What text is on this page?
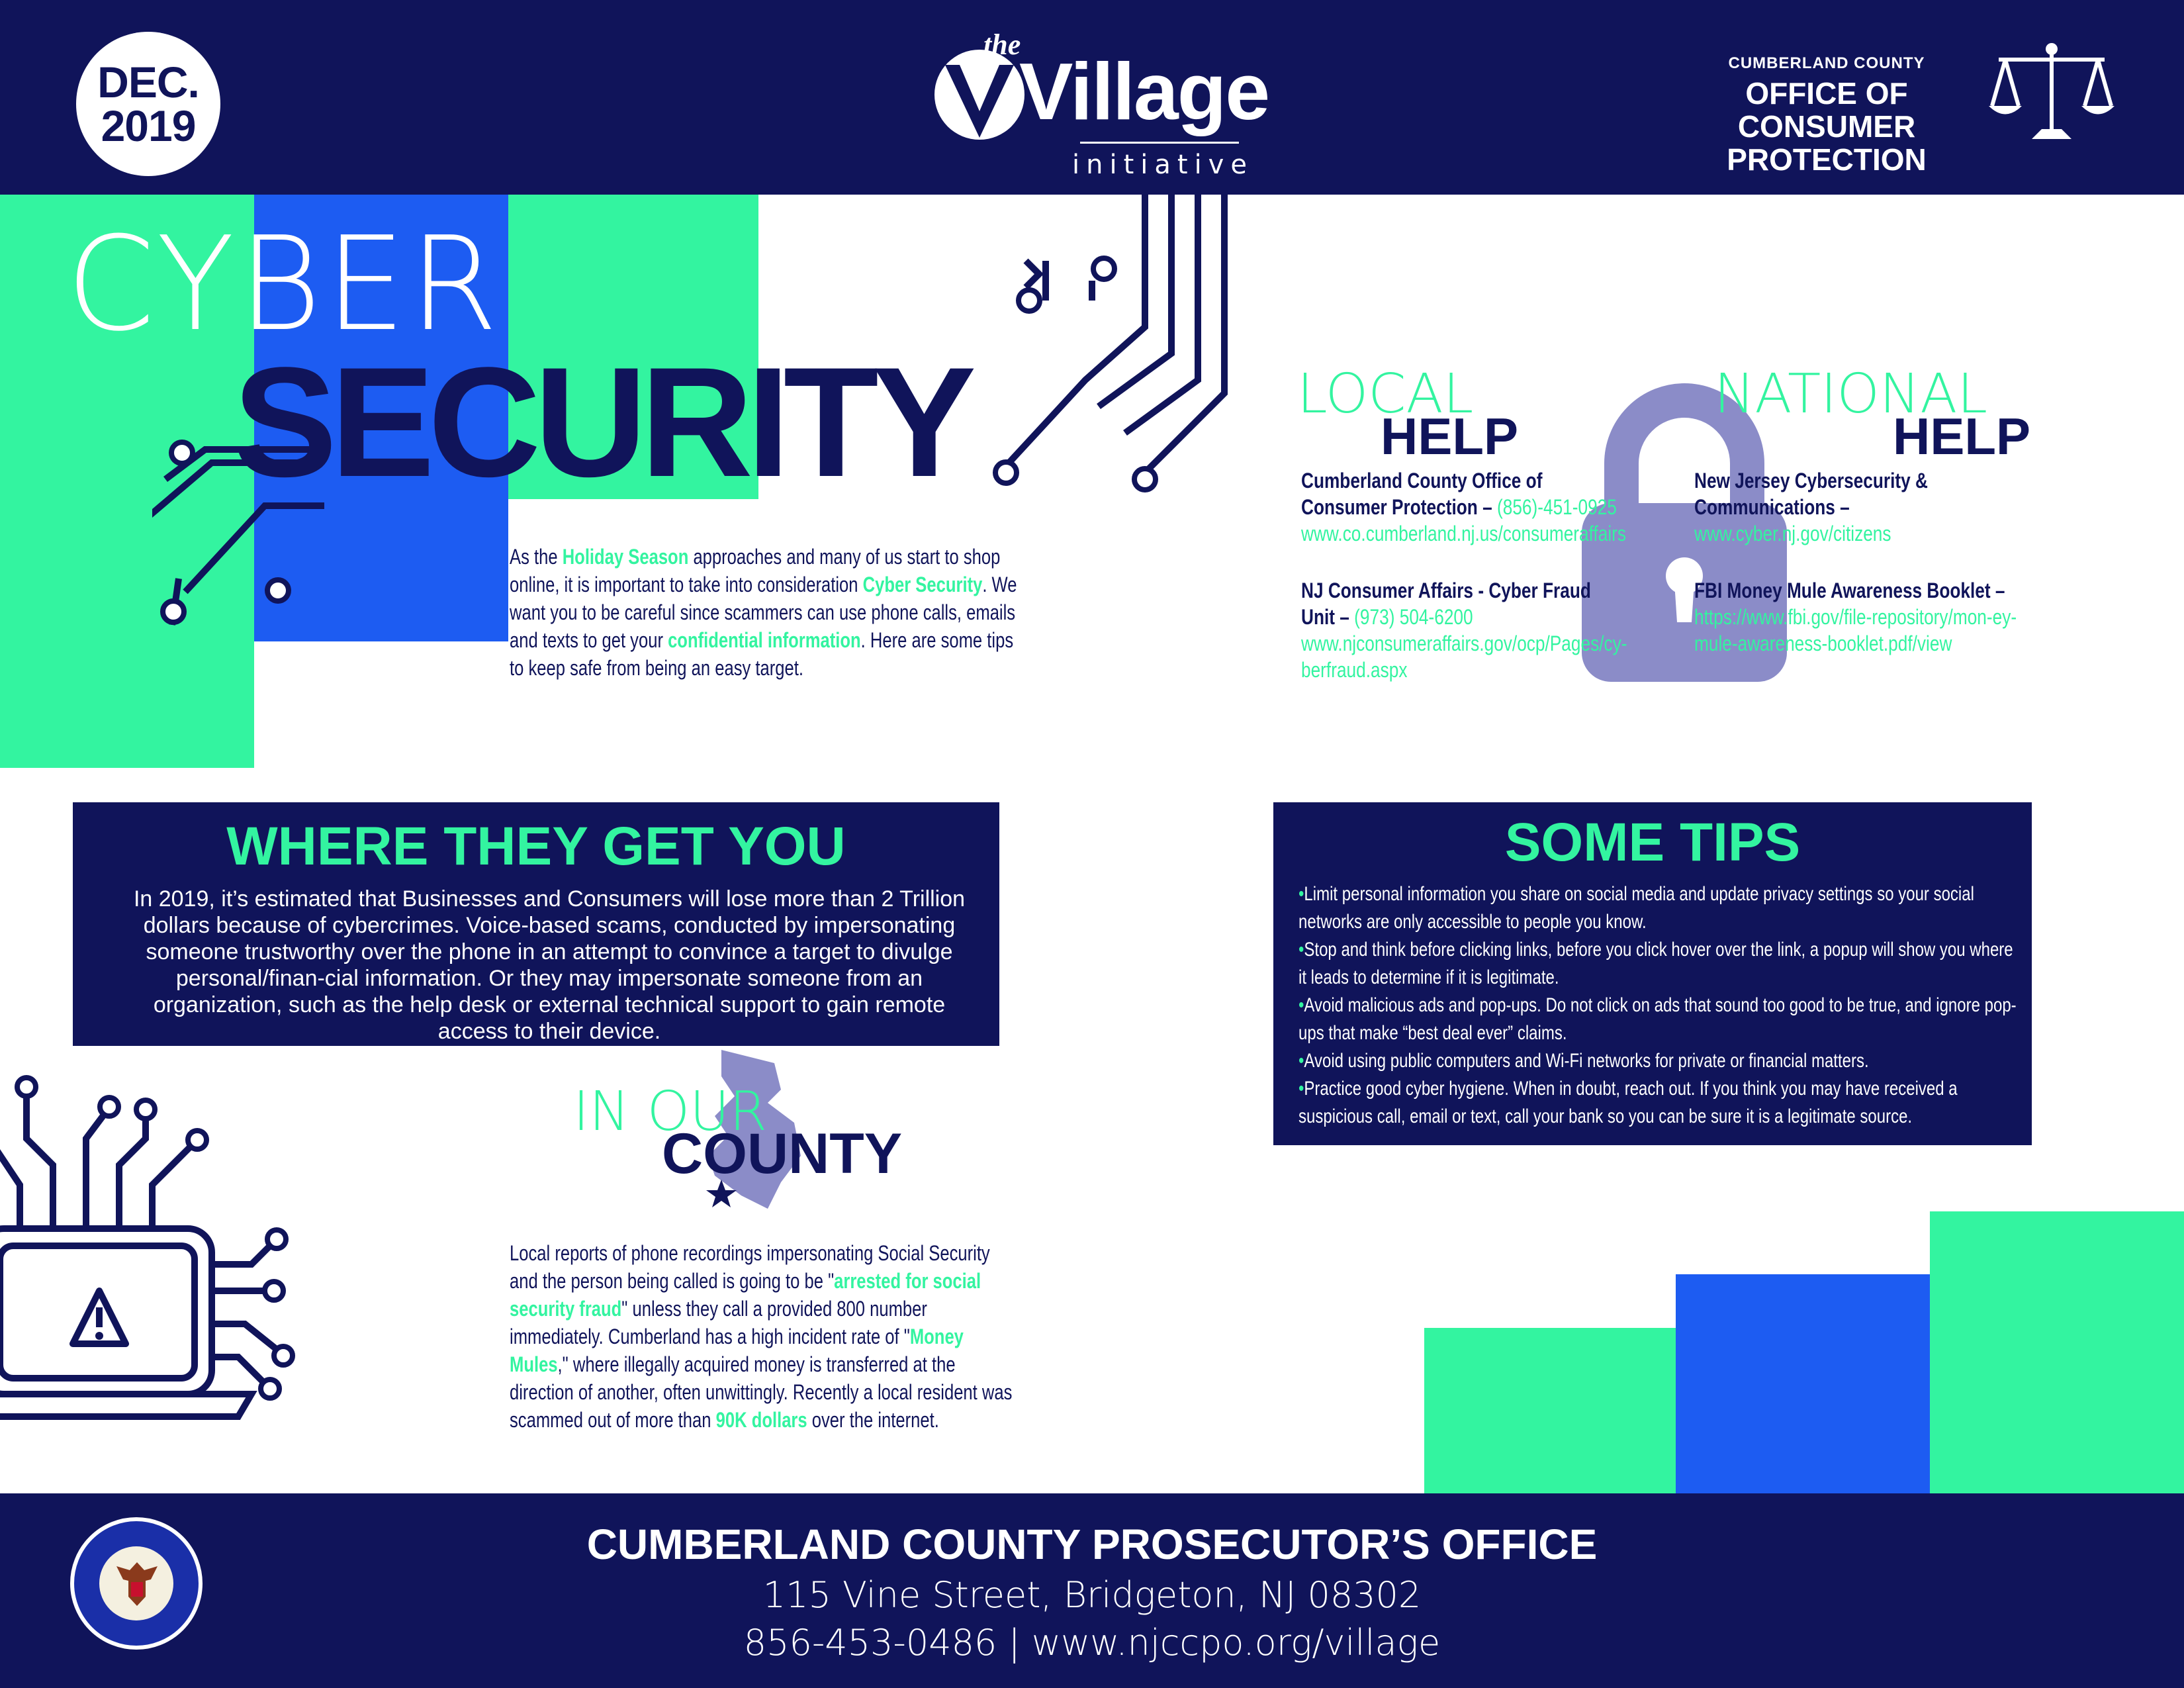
DEC.
2019
the
Village
initiative
CUMBERLAND COUNTY
OFFICE OF CONSUMER
PROTECTION
CYBER
SECURITY
As the Holiday Season approaches and many of us start to shop online, it is important to take into consideration Cyber Security. We want you to be careful since scammers can use phone calls, emails and texts to get your confidential information. Here are some tips to keep safe from being an easy target.
LOCAL
HELP
NATIONAL
HELP
Cumberland County Office of Consumer Protection – (856)-451-0925
www.co.cumberland.nj.us/consumeraffairs
NJ Consumer Affairs - Cyber Fraud Unit – (973) 504-6200
www.njconsumeraffairs.gov/ocp/Pages/cy-berfraud.aspx
New Jersey Cybersecurity & Communications –
www.cyber.nj.gov/citizens
FBI Money Mule Awareness Booklet –
https://www.fbi.gov/file-repository/mon-ey-mule-awareness-booklet.pdf/view
WHERE THEY GET YOU
In 2019, it’s estimated that Businesses and Consumers will lose more than 2 Trillion dollars because of cybercrimes. Voice-based scams, conducted by impersonating someone trustworthy over the phone in an attempt to convince a target to divulge personal/finan-cial information. Or they may impersonate someone from an organization, such as the help desk or external technical support to gain remote access to their device.
SOME TIPS
• Limit personal information you share on social media and update privacy settings so your social networks are only accessible to people you know.
• Stop and think before clicking links, before you click hover over the link, a popup will show you where it leads to determine if it is legitimate.
• Avoid malicious ads and pop-ups. Do not click on ads that sound too good to be true, and ignore pop-ups that make “best deal ever” claims.
• Avoid using public computers and Wi-Fi networks for private or financial matters.
• Practice good cyber hygiene. When in doubt, reach out. If you think you may have received a suspicious call, email or text, call your bank so you can be sure it is a legitimate source.
IN OUR
COUNTY
Local reports of phone recordings impersonating Social Security and the person being called is going to be "arrested for social security fraud" unless they call a provided 800 number immediately. Cumberland has a high incident rate of "Money Mules," where illegally acquired money is transferred at the direction of another, often unwittingly. Recently a local resident was scammed out of more than 90K dollars over the internet.
CUMBERLAND COUNTY PROSECUTOR’S OFFICE
115 Vine Street, Bridgeton, NJ 08302
856-453-0486 | www.njccpo.org/village
